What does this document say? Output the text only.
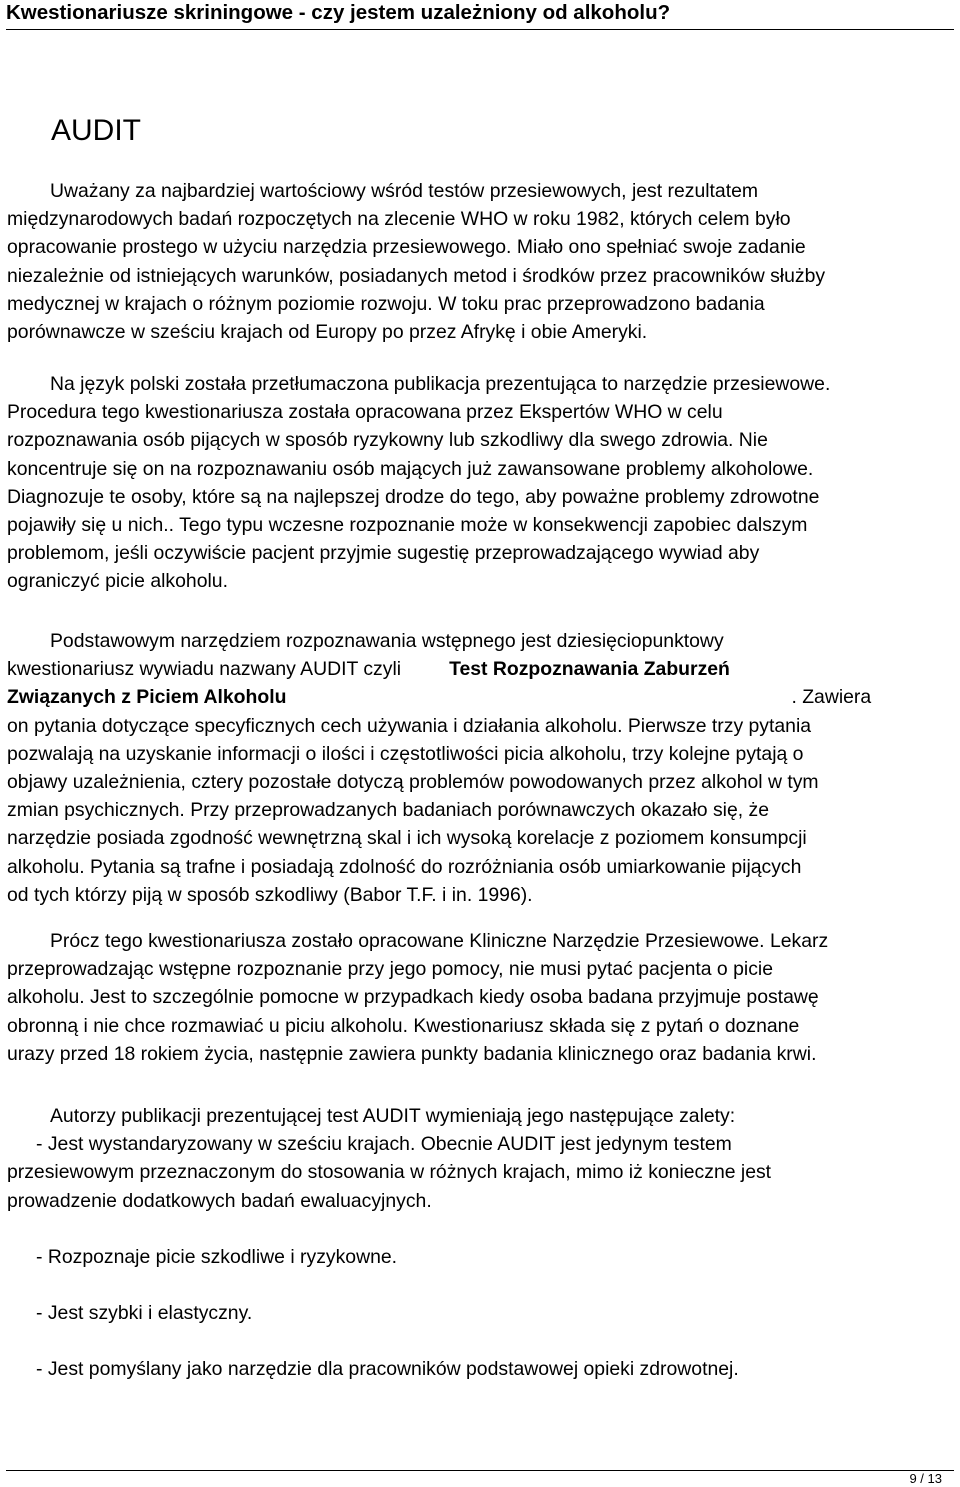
Kwestionariusze skriningowe - czy jestem uzależniony od alkoholu?
AUDIT
Uważany za najbardziej wartościowy wśród testów przesiewowych, jest rezultatem
międzynarodowych badań rozpoczętych na zlecenie WHO w roku 1982, których celem było
opracowanie prostego w użyciu narzędzia przesiewowego. Miało ono spełniać swoje zadanie
niezależnie od istniejących warunków, posiadanych metod i środków przez pracowników służby
medycznej w krajach o różnym poziomie rozwoju. W toku prac przeprowadzono badania
porównawcze w sześciu krajach od Europy po przez Afrykę i obie Ameryki.
Na język polski została przetłumaczona publikacja prezentująca to narzędzie przesiewowe.
Procedura tego kwestionariusza została opracowana przez Ekspertów WHO w celu
rozpoznawania osób pijących w sposób ryzykowny lub szkodliwy dla swego zdrowia. Nie
koncentruje się on na rozpoznawaniu osób mających już zawansowane problemy alkoholowe.
Diagnozuje te osoby, które są na najlepszej drodze do tego, aby poważne problemy zdrowotne
pojawiły się u nich.. Tego typu wczesne rozpoznanie może w konsekwencji zapobiec dalszym
problemom, jeśli oczywiście pacjent przyjmie sugestię przeprowadzającego wywiad aby
ograniczyć picie alkoholu.
Podstawowym narzędziem rozpoznawania wstępnego jest dziesięciopunktowy
kwestionariusz wywiadu nazwany AUDIT czyli Test Rozpoznawania Zaburzeń
Związanych z Piciem Alkoholu	. Zawiera
on pytania dotyczące specyficznych cech używania i działania alkoholu. Pierwsze trzy pytania
pozwalają na uzyskanie informacji o ilości i częstotliwości picia alkoholu, trzy kolejne pytają o
objawy uzależnienia, cztery pozostałe dotyczą problemów powodowanych przez alkohol w tym
zmian psychicznych. Przy przeprowadzanych badaniach porównawczych okazało się, że
narzędzie posiada zgodność wewnętrzną skal i ich wysoką korelacje z poziomem konsumpcji
alkoholu. Pytania są trafne i posiadają zdolność do rozróżniania osób umiarkowanie pijących
od tych którzy piją w sposób szkodliwy (Babor T.F. i in. 1996).
Prócz tego kwestionariusza zostało opracowane Kliniczne Narzędzie Przesiewowe. Lekarz
przeprowadzając wstępne rozpoznanie przy jego pomocy, nie musi pytać pacjenta o picie
alkoholu. Jest to szczególnie pomocne w przypadkach kiedy osoba badana przyjmuje postawę
obronną i nie chce rozmawiać u piciu alkoholu. Kwestionariusz składa się z pytań o doznane
urazy przed 18 rokiem życia, następnie zawiera punkty badania klinicznego oraz badania krwi.
Autorzy publikacji prezentującej test AUDIT wymieniają jego następujące zalety:
- Jest wystandaryzowany w sześciu krajach. Obecnie AUDIT jest jedynym testem
przesiewowym przeznaczonym do stosowania w różnych krajach, mimo iż konieczne jest
prowadzenie dodatkowych badań ewaluacyjnych.
- Rozpoznaje picie szkodliwe i ryzykowne.
- Jest szybki i elastyczny.
- Jest pomyślany jako narzędzie dla pracowników podstawowej opieki zdrowotnej.
9 / 13
